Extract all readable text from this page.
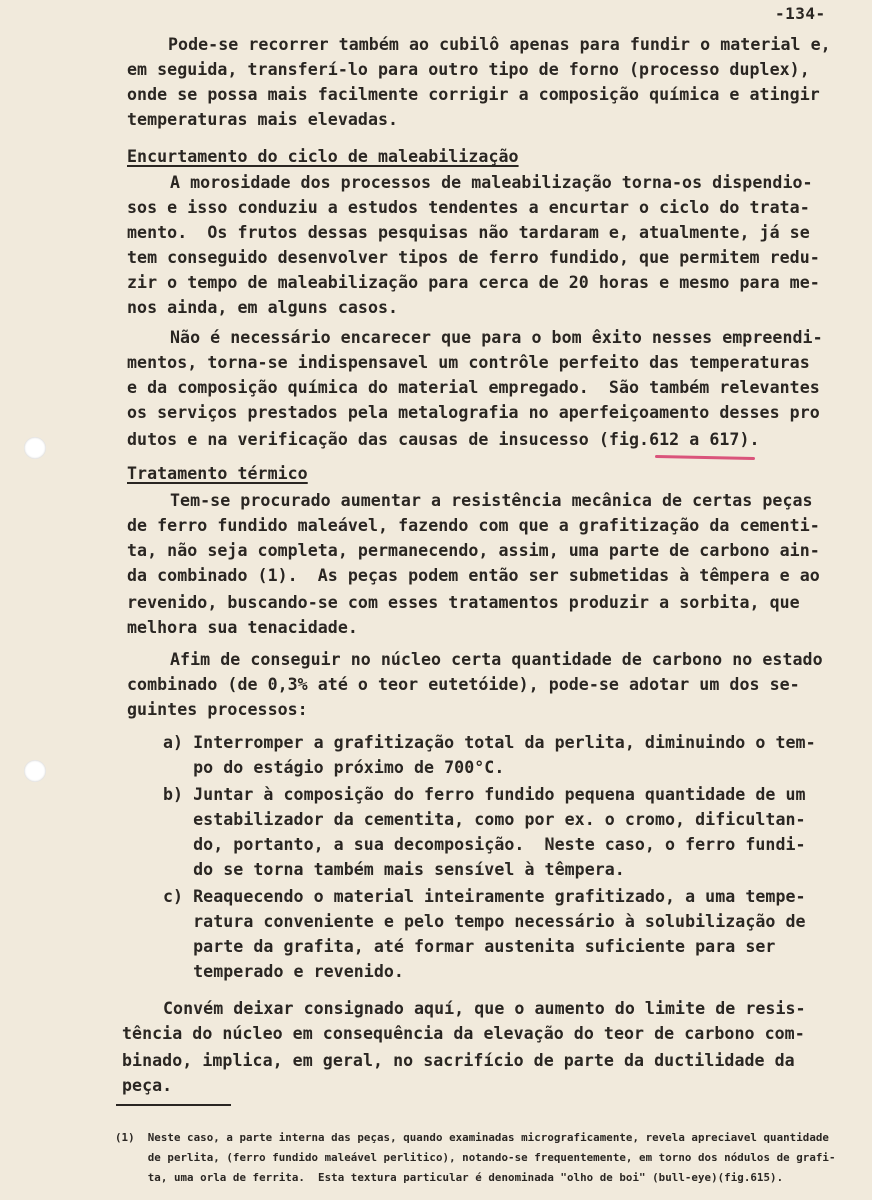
-134-
Pode-se recorrer também ao cubilô apenas para fundir o material e,
em seguida, transferí-lo para outro tipo de forno (processo duplex),
onde se possa mais facilmente corrigir a composição química e atingir
temperaturas mais elevadas.
Encurtamento do ciclo de maleabilização
A morosidade dos processos de maleabilização torna-os dispendio-
sos e isso conduziu a estudos tendentes a encurtar o ciclo do trata-
mento.  Os frutos dessas pesquisas não tardaram e, atualmente, já se
tem conseguido desenvolver tipos de ferro fundido, que permitem redu-
zir o tempo de maleabilização para cerca de 20 horas e mesmo para me-
nos ainda, em alguns casos.
Não é necessário encarecer que para o bom êxito nesses empreendi-
mentos, torna-se indispensavel um contrôle perfeito das temperaturas
e da composição química do material empregado.  São também relevantes
os serviços prestados pela metalografia no aperfeiçoamento desses pro
dutos e na verificação das causas de insucesso (fig.612 a 617).
Tratamento térmico
Tem-se procurado aumentar a resistência mecânica de certas peças
de ferro fundido maleável, fazendo com que a grafitização da cementi-
ta, não seja completa, permanecendo, assim, uma parte de carbono ain-
da combinado (1).  As peças podem então ser submetidas à têmpera e ao
revenido, buscando-se com esses tratamentos produzir a sorbita, que
melhora sua tenacidade.
Afim de conseguir no núcleo certa quantidade de carbono no estado
combinado (de 0,3% até o teor eutetóide), pode-se adotar um dos se-
guintes processos:
a) Interromper a grafitização total da perlita, diminuindo o tem-
po do estágio próximo de 700°C.
b) Juntar à composição do ferro fundido pequena quantidade de um
estabilizador da cementita, como por ex. o cromo, dificultan-
do, portanto, a sua decomposição.  Neste caso, o ferro fundi-
do se torna também mais sensível à têmpera.
c) Reaquecendo o material inteiramente grafitizado, a uma tempe-
ratura conveniente e pelo tempo necessário à solubilização de
parte da grafita, até formar austenita suficiente para ser
temperado e revenido.
Convém deixar consignado aquí, que o aumento do limite de resis-
tência do núcleo em consequência da elevação do teor de carbono com-
binado, implica, em geral, no sacrifício de parte da ductilidade da
peça.
(1)  Neste caso, a parte interna das peças, quando examinadas micrograficamente, revela apreciavel quantidade
de perlita, (ferro fundido maleável perlitico), notando-se frequentemente, em torno dos nódulos de grafi-
ta, uma orla de ferrita.  Esta textura particular é denominada "olho de boi" (bull-eye)(fig.615).
